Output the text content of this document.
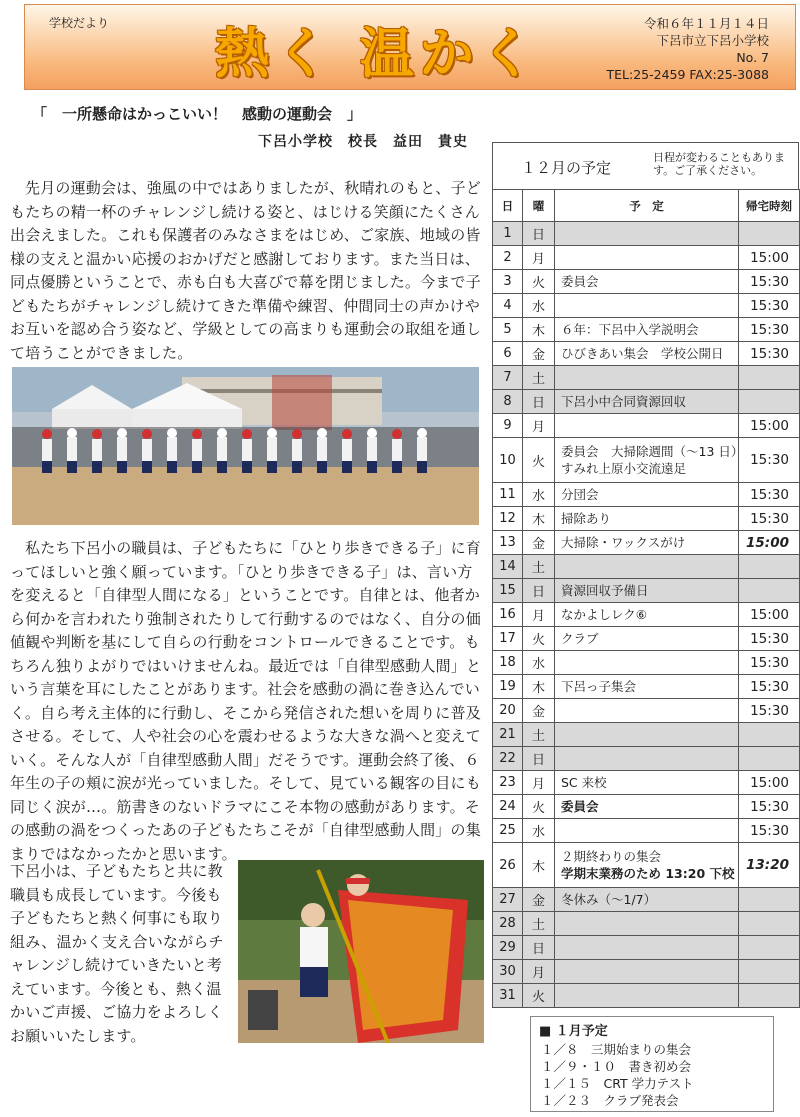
学校だより 熱く 温かく	令和６年１１月１４日
下呂市立下呂小学校
No. 7
TEL:25-2459 FAX:25-3088
「　一所懸命はかっこいい！　感動の運動会　」
下呂小学校　校長　益田　貴史

先月の運動会は、強風の中ではありましたが、秋晴れのもと、子どもたちの精一杯のチャレンジし続ける姿と、はじける笑顔にたくさん出会えました。これも保護者のみなさまをはじめ、ご家族、地域の皆様の支えと温かい応援のおかげだと感謝しております。また当日は、同点優勝ということで、赤も白も大喜びで幕を閉じました。今まで子どもたちがチャレンジし続けてきた準備や練習、仲間同士の声かけやお互いを認め合う姿など、学級としての高まりも運動会の取組を通して培うことができました。

私たち下呂小の職員は、子どもたちに「ひとり歩きできる子」に育ってほしいと強く願っています。「ひとり歩きできる子」は、言い方を変えると「自律型人間になる」ということです。自律とは、他者から何かを言われたり強制されたりして行動するのではなく、自分の価値観や判断を基にして自らの行動をコントロールできることです。もちろん独りよがりではいけませんね。最近では「自律型感動人間」という言葉を耳にしたことがあります。社会を感動の渦に巻き込んでいく。自ら考え主体的に行動し、そこから発信された想いを周りに普及させる。そして、人や社会の心を震わせるような大きな渦へと変えていく。そんな人が「自律型感動人間」だそうです。運動会終了後、６年生の子の頬に涙が光っていました。そして、見ている観客の目にも同じく涙が…。筋書きのないドラマにこそ本物の感動があります。その感動の渦をつくったあの子どもたちこそが「自律型感動人間」の集まりではなかったかと思います。

下呂小は、子どもたちと共に教職員も成長しています。今後も子どもたちと熱く何事にも取り組み、温かく支え合いながらチャレンジし続けていきたいと考えています。今後とも、熱く温かいご声援、ご協力をよろしくお願いいたします。

１２月の予定
日程が変わることもあります。ご了承ください。
日	曜	予　定	帰宅時刻
1	日	

2	月		15:00
3	火	委員会	15:30
4	水		15:30
5	木	６年：下呂中入学説明会	15:30
6	金	ひびきあい集会　学校公開日	15:30
7	土	

8	日	下呂小中合同資源回収	

9	月		15:00
10	火	委員会　大掃除週間（～13 日）
すみれ上原小交流遠足	15:30
11	水	分団会	15:30
12	木	掃除あり	15:30
13	金	大掃除・ワックスがけ	15:00
14	土	

15	日	資源回収予備日	

16	月	なかよしレク⑥	15:00
17	火	クラブ	15:30
18	水		15:30
19	木	下呂っ子集会	15:30
20	金		15:30
21	土	

22	日	

23	月	SC 来校	15:00
24	火	委員会	15:30
25	水		15:30
26	木	２期終わりの集会
学期末業務のため 13:20 下校	13:20
27	金	冬休み（～1/7）	

28	土	

29	日	

30	月	

31	火	

■ １月予定
１／８　三期始まりの集会
１／９・１０　書き初め会
１／１５　CRT 学力テスト
１／２３　クラブ発表会
